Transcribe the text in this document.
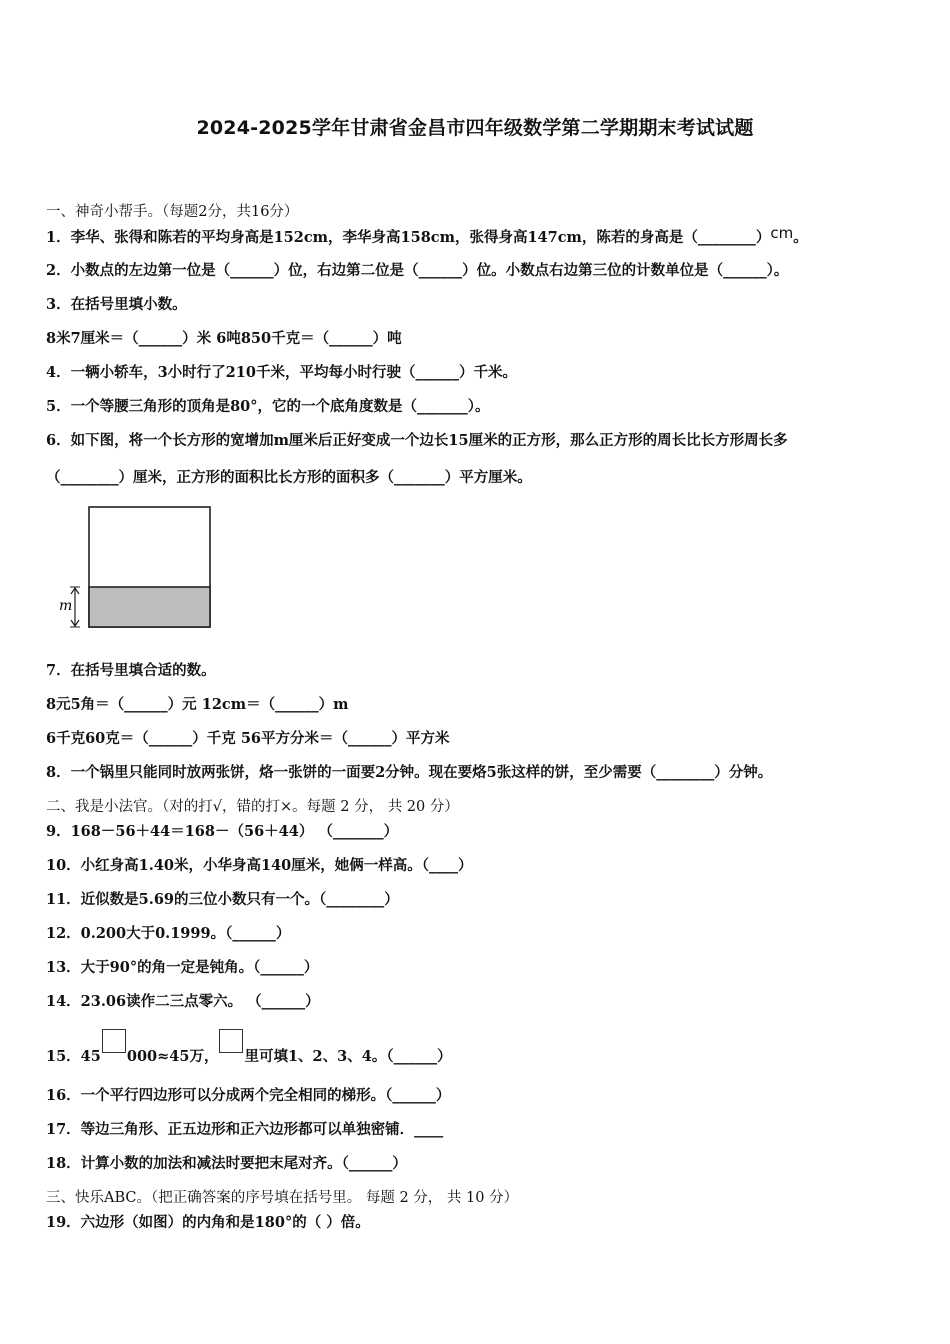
2024-2025学年甘肃省金昌市四年级数学第二学期期末考试试题
一、神奇小帮手。（每题2分，共16分）
1．李华、张得和陈若的平均身高是152cm，李华身高158cm，张得身高147cm，陈若的身高是（________）cm。
2．小数点的左边第一位是（______）位，右边第二位是（______）位。小数点右边第三位的计数单位是（______）。
3．在括号里填小数。
8米7厘米＝（______）米 6吨850千克＝（______）吨
4．一辆小轿车，3小时行了210千米，平均每小时行驶（______）千米。
5．一个等腰三角形的顶角是80°，它的一个底角度数是（_______）。
6．如下图，将一个长方形的宽增加m厘米后正好变成一个边长15厘米的正方形，那么正方形的周长比长方形周长多
（________）厘米，正方形的面积比长方形的面积多（_______）平方厘米。
m
7．在括号里填合适的数。
8元5角＝（______）元 12cm＝（______）m
6千克60克＝（______）千克 56平方分米＝（______）平方米
8．一个锅里只能同时放两张饼，烙一张饼的一面要2分钟。现在要烙5张这样的饼，至少需要（________）分钟。
二、我是小法官。（对的打√，错的打×。每题 2 分， 共 20 分）
9．168－56＋44＝168－（56＋44） （_______）
10．小红身高1.40米，小华身高140厘米，她俩一样高。（____）
11．近似数是5.69的三位小数只有一个。（________）
12．0.200大于0.1999。（______）
13．大于90°的角一定是钝角。（______）
14．23.06读作二三点零六。 （______）
15．45 000≈45万， 里可填1、2、3、4。（______）
16．一个平行四边形可以分成两个完全相同的梯形。（______）
17．等边三角形、正五边形和正六边形都可以单独密铺．____
18．计算小数的加法和减法时要把末尾对齐。（______）
三、快乐ABC。（把正确答案的序号填在括号里。 每题 2 分， 共 10 分）
19．六边形（如图）的内角和是180°的（ ）倍。
